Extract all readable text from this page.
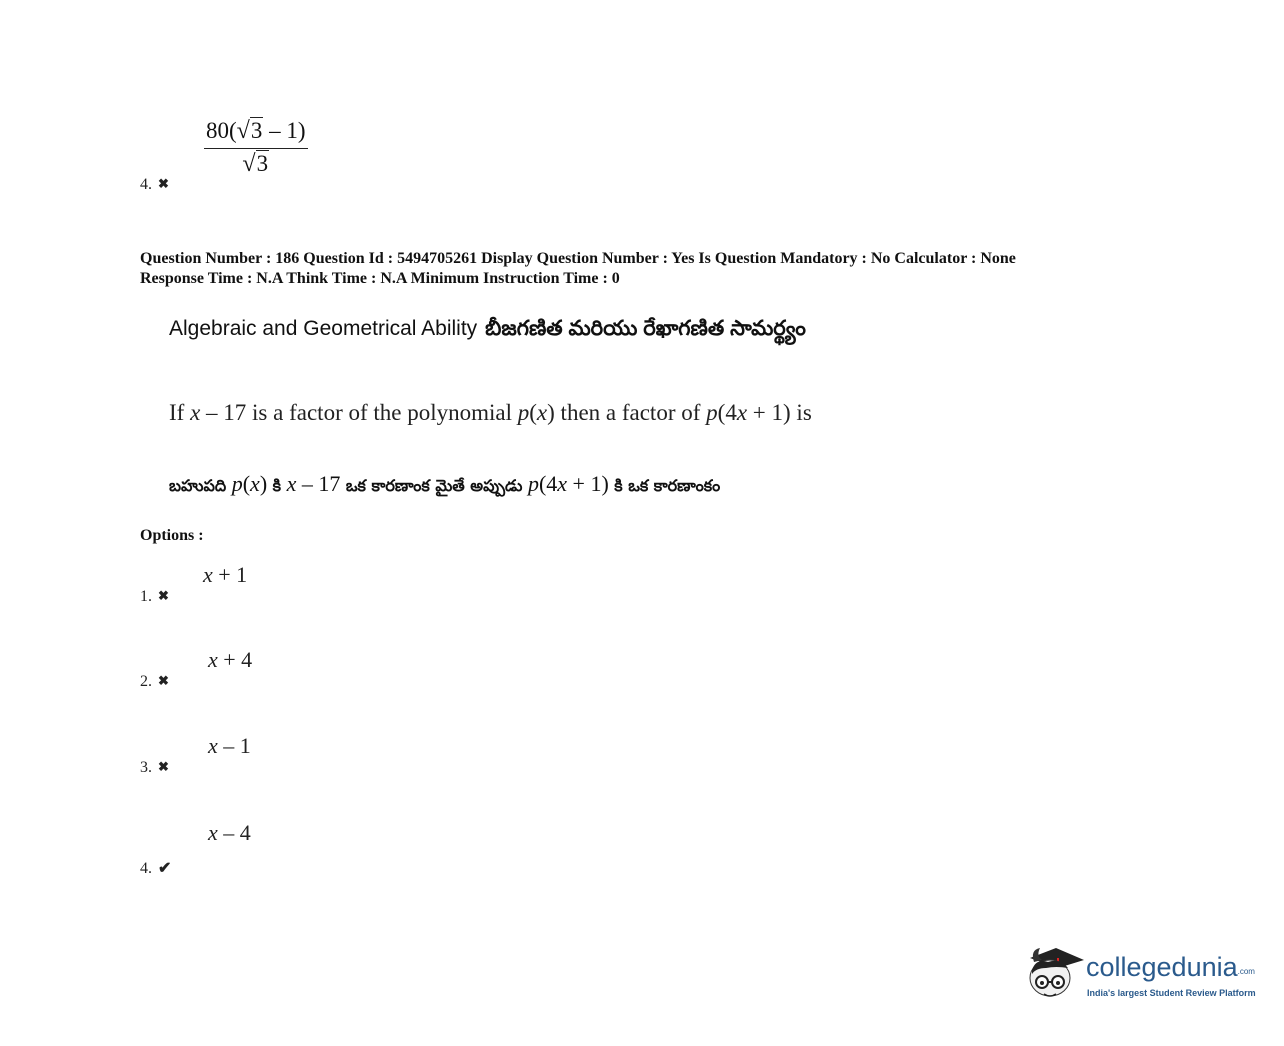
$\frac{80(√3 - 1)}{√3}$
4. ✖
Question Number : 186 Question Id : 5494705261 Display Question Number : Yes Is Question Mandatory : No Calculator : None
Response Time : N.A Think Time : N.A Minimum Instruction Time : 0
Algebraic and Geometrical Ability బీజగణిత మరియు రేఖాగణిత సామర్థ్యం
If x – 17 is a factor of the polynomial p(x) then a factor of p(4x + 1) is
బహుపది p(x) కి x – 17 ఒక కారణాంక మైతే అప్పుడు p(4x + 1) కి ఒక కారణాంకం
Options :
x + 1
1. ✖
x + 4
2. ✖
x – 1
3. ✖
x – 4
4. ✔
collegedunia.com
India's largest Student Review Platform
